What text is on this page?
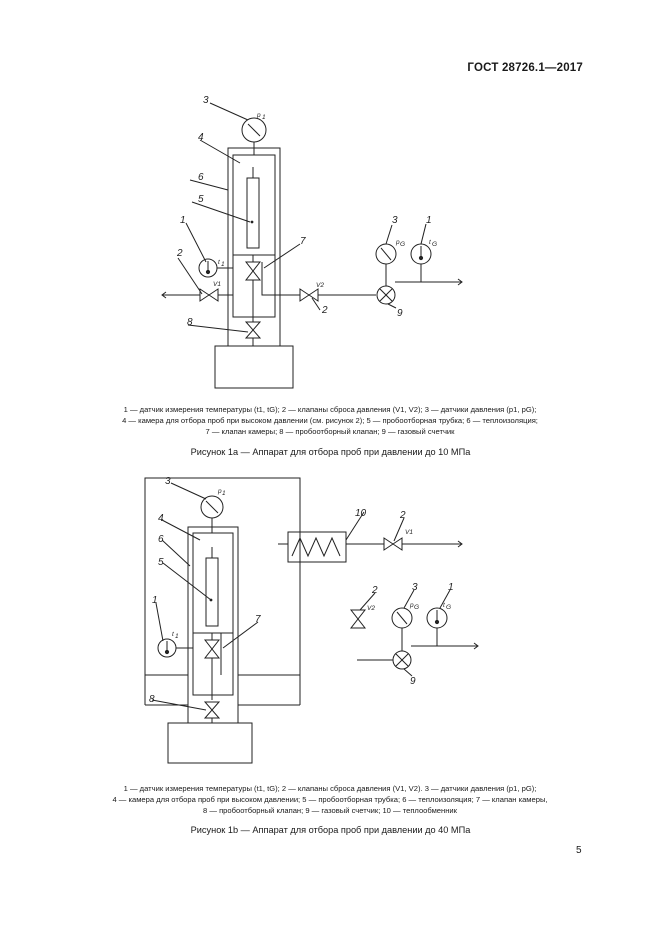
ГОСТ 28726.1—2017
3
p 1
4
6
5
1
2
t 1
V1
7
8
V2
2	9
3
p G
1
t G
3
p 1
4
6
5
1
t 1
7
8
10	2
V1
2
V2
3
p G
1
t G
9
1 — датчик измерения температуры (t1, tG); 2 — клапаны сброса давления (V1, V2); 3 — датчики давления (p1, pG);
4 — камера для отбора проб при высоком давлении (см. рисунок 2); 5 — пробоотборная трубка; 6 — теплоизоляция;
7 — клапан камеры; 8 — пробоотборный клапан; 9 — газовый счетчик
Рисунок 1а — Аппарат для отбора проб при давлении до 10 МПа
1 — датчик измерения температуры (t1, tG); 2 — клапаны сброса давления (V1, V2). 3 — датчики давления (p1, pG);
4 — камера для отбора проб при высоком давлении; 5 — пробоотборная трубка; 6 — теплоизоляция; 7 — клапан камеры,
8 — пробоотборный клапан; 9 — газовый счетчик; 10 — теплообменник
Рисунок 1b — Аппарат для отбора проб при давлении до 40 МПа
5
